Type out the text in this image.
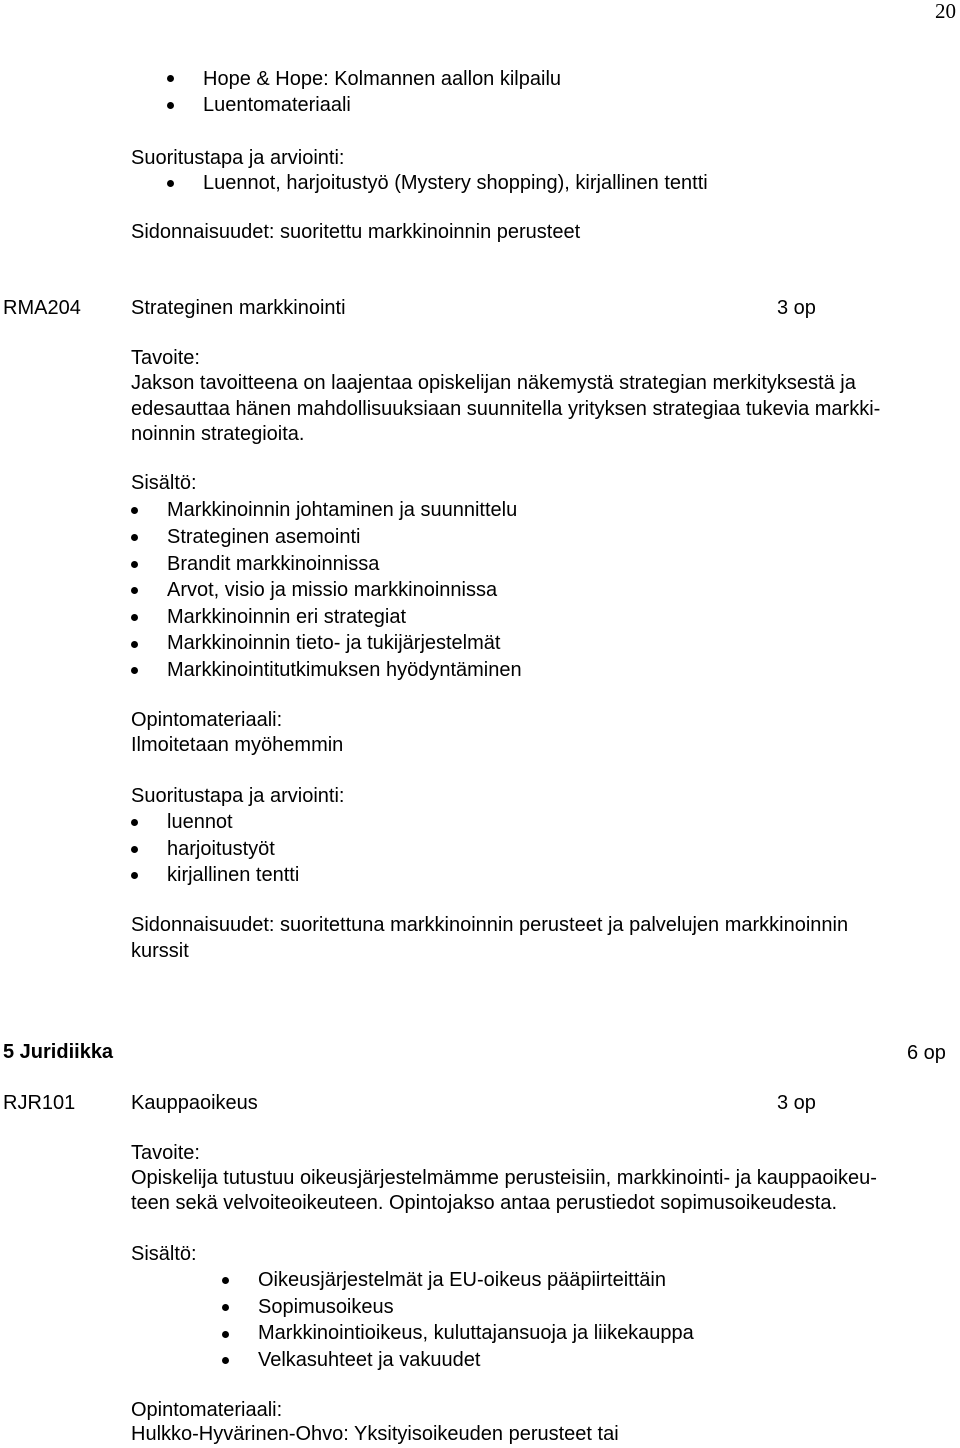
20
Hope & Hope: Kolmannen aallon kilpailu
Luentomateriaali
Suoritustapa ja arviointi:
Luennot, harjoitustyö (Mystery shopping), kirjallinen tentti
Sidonnaisuudet: suoritettu markkinoinnin perusteet
RMA204	Strateginen markkinointi	3 op
Tavoite:
Jakson tavoitteena on laajentaa opiskelijan näkemystä strategian merkityksestä ja
edesauttaa hänen mahdollisuuksiaan suunnitella yrityksen strategiaa tukevia markki-
noinnin strategioita.
Sisältö:
Markkinoinnin johtaminen ja suunnittelu
Strateginen asemointi
Brandit markkinoinnissa
Arvot, visio ja missio markkinoinnissa
Markkinoinnin eri strategiat
Markkinoinnin tieto- ja tukijärjestelmät
Markkinointitutkimuksen hyödyntäminen
Opintomateriaali:
Ilmoitetaan myöhemmin
Suoritustapa ja arviointi:
luennot
harjoitustyöt
kirjallinen tentti
Sidonnaisuudet: suoritettuna markkinoinnin perusteet ja palvelujen markkinoinnin
kurssit
5 Juridiikka	6 op
RJR101	Kauppaoikeus	3 op
Tavoite:
Opiskelija tutustuu oikeusjärjestelmämme perusteisiin, markkinointi- ja kauppaoikeu-
teen sekä velvoiteoikeuteen. Opintojakso antaa perustiedot sopimusoikeudesta.
Sisältö:
Oikeusjärjestelmät ja EU-oikeus pääpiirteittäin
Sopimusoikeus
Markkinointioikeus, kuluttajansuoja ja liikekauppa
Velkasuhteet ja vakuudet
Opintomateriaali:
Hulkko-Hyvärinen-Ohvo: Yksityisoikeuden perusteet tai
